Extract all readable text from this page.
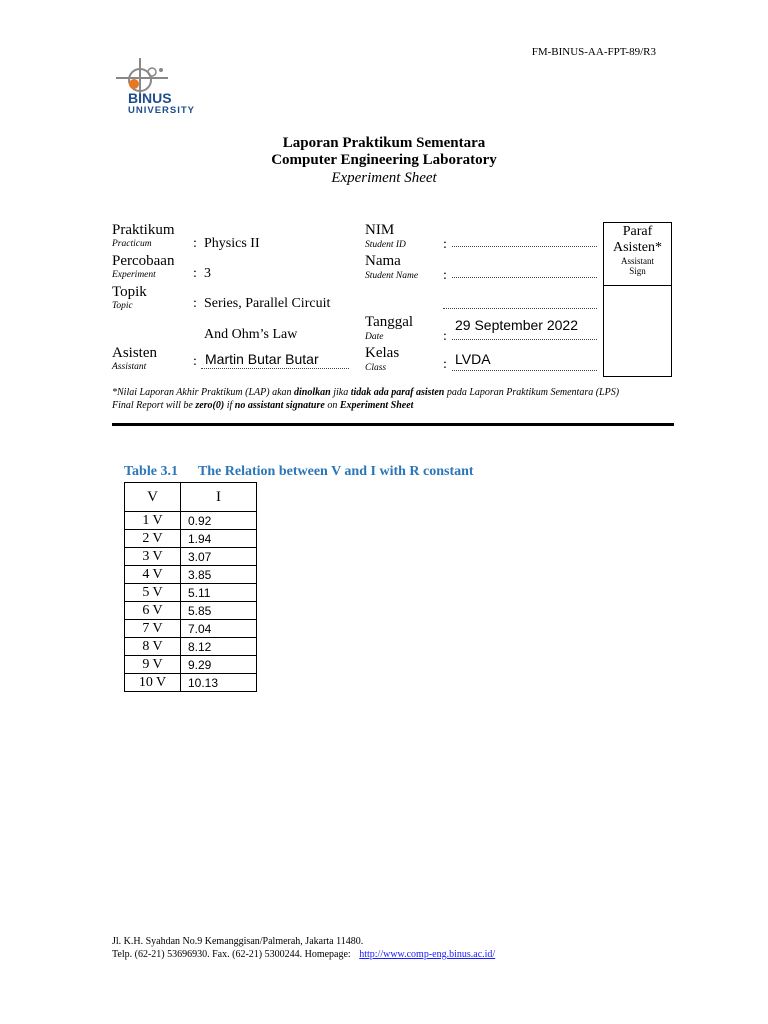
FM-BINUS-AA-FPT-89/R3
BINUS
UNIVERSITY
Laporan Praktikum Sementara
Computer Engineering Laboratory
Experiment Sheet
Praktikum
Practicum	: Physics II
Percobaan
Experiment	: 3
Topik
Topic	: Series, Parallel Circuit
And Ohm’s Law
Asisten
Assistant	: Martin Butar Butar
NIM
Student ID	:
Nama
Student Name :
Tanggal
Date	:
29 September 2022
Kelas
Class	: LVDA
Paraf
Asisten*
Assistant
Sign
*Nilai Laporan Akhir Praktikum (LAP) akan dinolkan jika tidak ada paraf asisten pada Laporan Praktikum Sementara (LPS)
Final Report will be zero(0) if no assistant signature on Experiment Sheet
Table 3.1 The Relation between V and I with R constant
V	I
1 V	0.92
2 V	1.94
3 V	3.07
4 V	3.85
5 V	5.11
6 V	5.85
7 V	7.04
8 V	8.12
9 V	9.29
10 V	10.13
Jl. K.H. Syahdan No.9 Kemanggisan/Palmerah, Jakarta 11480.
Telp. (62-21) 53696930. Fax. (62-21) 5300244. Homepage: http://www.comp-eng.binus.ac.id/
